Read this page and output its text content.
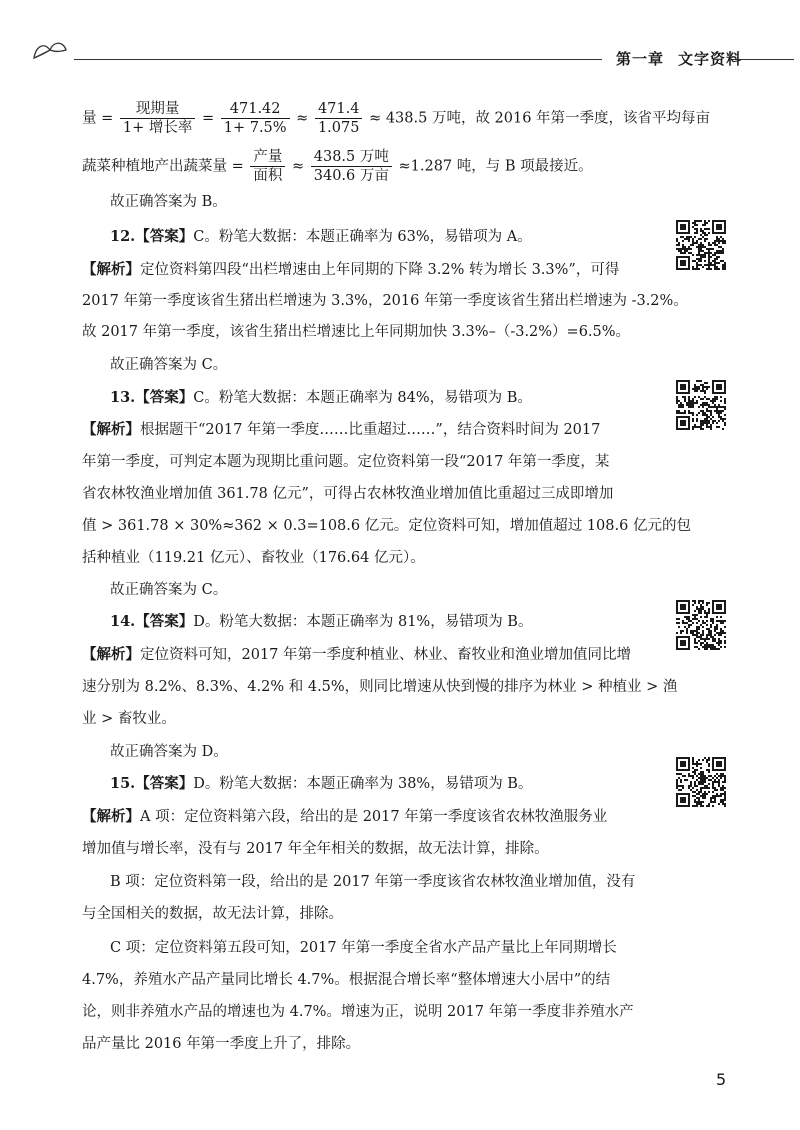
第一章 文字资料
量 = $\frac{\text{现期量}}{\text{1+ 增长率}} = \frac{471.42}{1+ 7.5\%} \approx \frac{471.4}{1.075} \approx 438.5$ 万吨，故 2016 年第一季度，该省平均每亩
蔬菜种植地产出蔬菜量 = $\frac{\text{产量}}{\text{面积}} \approx \frac{\text{438.5 万吨}}{\text{340.6 万亩}} \approx 1.287$ 吨，与 B 项最接近。
故正确答案为 B。
12.【答案】C。粉笔大数据：本题正确率为 63%，易错项为 A。
【解析】定位资料第四段“出栏增速由上年同期的下降 3.2% 转为增长 3.3%”，可得
2017 年第一季度该省生猪出栏增速为 3.3%，2016 年第一季度该省生猪出栏增速为 -3.2%。
故 2017 年第一季度，该省生猪出栏增速比上年同期加快 3.3%–（-3.2%）=6.5%。
故正确答案为 C。
13.【答案】C。粉笔大数据：本题正确率为 84%，易错项为 B。
【解析】根据题干“2017 年第一季度……比重超过……”，结合资料时间为 2017
年第一季度，可判定本题为现期比重问题。定位资料第一段“2017 年第一季度，某
省农林牧渔业增加值 361.78 亿元”，可得占农林牧渔业增加值比重超过三成即增加
值 > 361.78 × 30%≈362 × 0.3=108.6 亿元。定位资料可知，增加值超过 108.6 亿元的包
括种植业（119.21 亿元）、畜牧业（176.64 亿元）。
故正确答案为 C。
14.【答案】D。粉笔大数据：本题正确率为 81%，易错项为 B。
【解析】定位资料可知，2017 年第一季度种植业、林业、畜牧业和渔业增加值同比增
速分别为 8.2%、8.3%、4.2% 和 4.5%，则同比增速从快到慢的排序为林业 > 种植业 > 渔
业 > 畜牧业。
故正确答案为 D。
15.【答案】D。粉笔大数据：本题正确率为 38%，易错项为 B。
【解析】A 项：定位资料第六段，给出的是 2017 年第一季度该省农林牧渔服务业
增加值与增长率，没有与 2017 年全年相关的数据，故无法计算，排除。
B 项：定位资料第一段，给出的是 2017 年第一季度该省农林牧渔业增加值，没有
与全国相关的数据，故无法计算，排除。
C 项：定位资料第五段可知，2017 年第一季度全省水产品产量比上年同期增长
4.7%，养殖水产品产量同比增长 4.7%。根据混合增长率“整体增速大小居中”的结
论，则非养殖水产品的增速也为 4.7%。增速为正，说明 2017 年第一季度非养殖水产
品产量比 2016 年第一季度上升了，排除。
5
